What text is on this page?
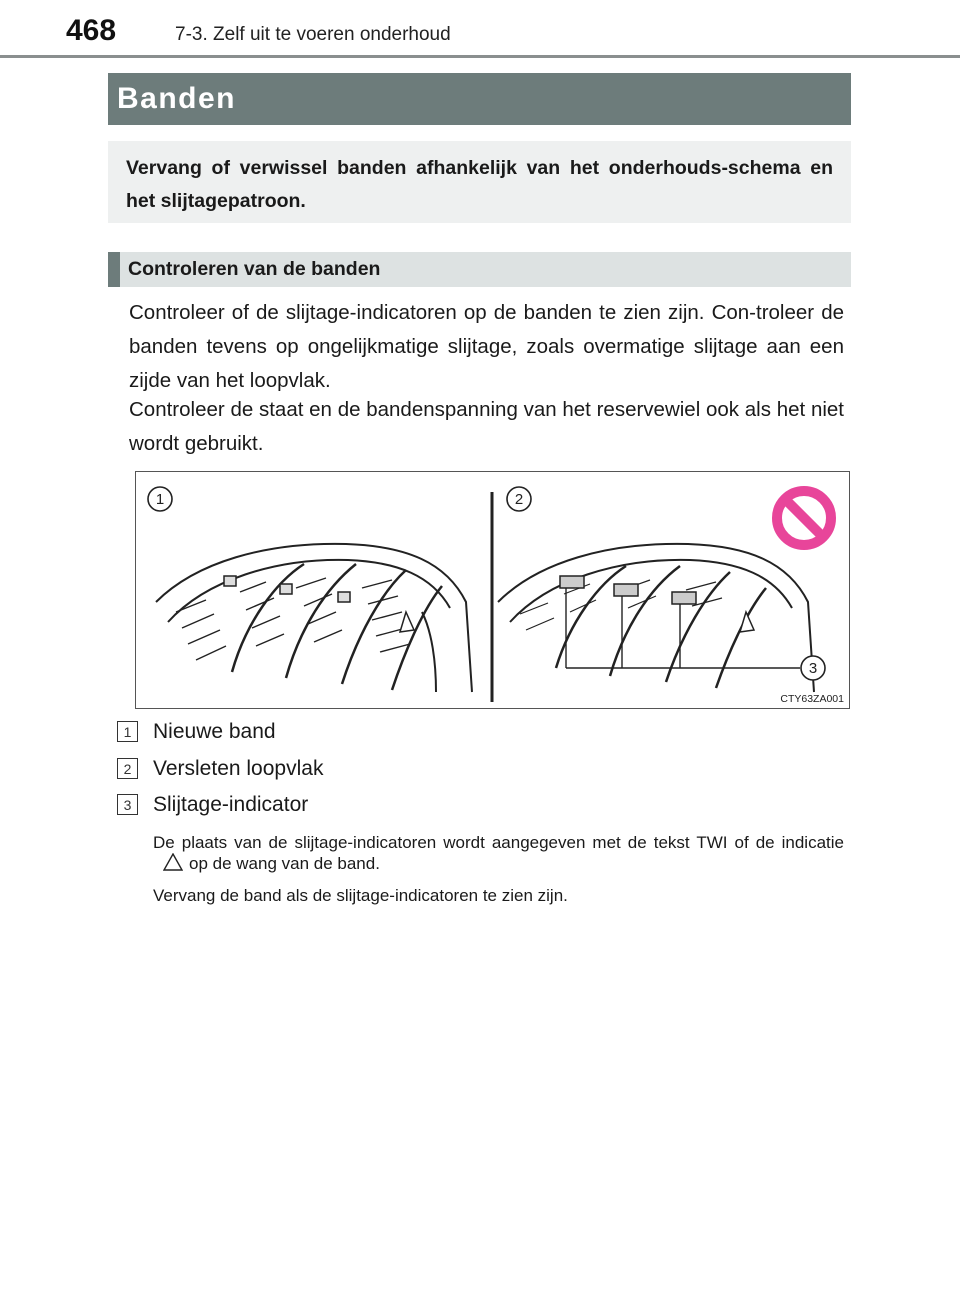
468	7-3. Zelf uit te voeren onderhoud
Banden
Vervang of verwissel banden afhankelijk van het onderhouds-schema en het slijtagepatroon.
Controleren van de banden
Controleer of de slijtage-indicatoren op de banden te zien zijn. Con-troleer de banden tevens op ongelijkmatige slijtage, zoals overmatige slijtage aan een zijde van het loopvlak.
Controleer de staat en de bandenspanning van het reservewiel ook als het niet wordt gebruikt.
1	2
3
CTY63ZA001
1	Nieuwe band
2	Versleten loopvlak
3	Slijtage-indicator
De plaats van de slijtage-indicatoren wordt aangegeven met de tekst TWI of de indicatieop de wang van de band.
Vervang de band als de slijtage-indicatoren te zien zijn.
